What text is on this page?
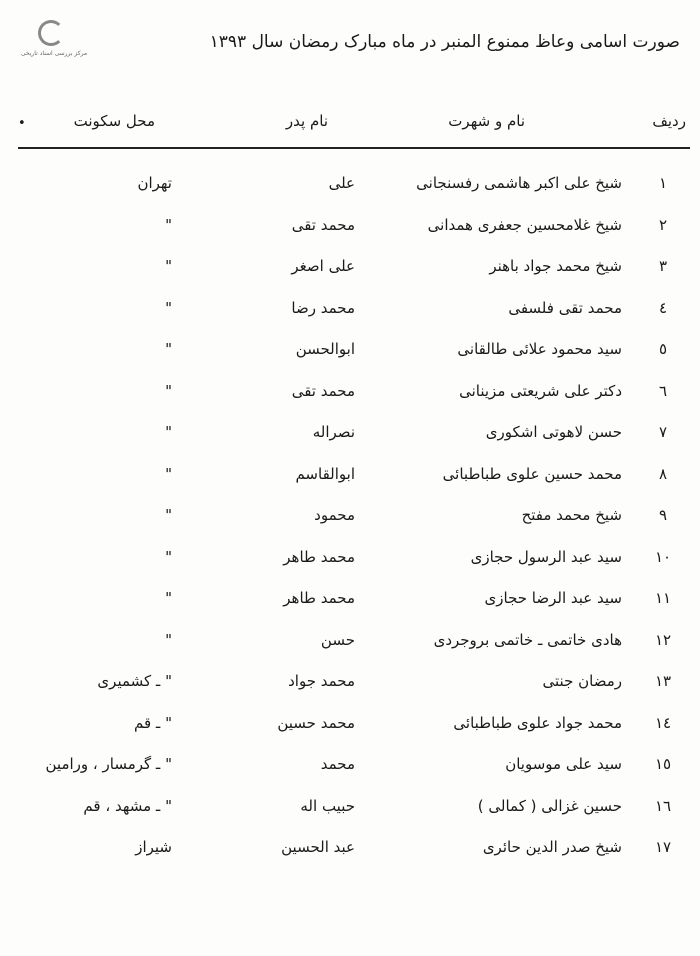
مرکز بررسی اسناد تاریخی
صورت اسامی وعاظ ممنوع المنبر در ماه مبارک رمضان سال ۱۳۹۳
ردیف
نام و شهرت
نام پدر
محل سکونت
•
۱
شیخ علی اکبر هاشمی رفسنجانی
علی
تهران
۲
شیخ غلامحسین جعفری همدانی
محمد تقی
"
۳
شیخ محمد جواد باهنر
علی اصغر
"
٤
محمد تقی فلسفی
محمد رضا
"
٥
سید محمود علائی طالقانی
ابوالحسن
"
٦
دکتر علی شریعتی مزینانی
محمد تقی
"
٧
حسن لاهوتی اشکوری
نصراله
"
٨
محمد حسین علوی طباطبائی
ابوالقاسم
"
٩
شیخ محمد مفتح
محمود
"
۱۰
سید عبد الرسول حجازی
محمد طاهر
"
۱۱
سید عبد الرضا حجازی
محمد طاهر
"
۱۲
هادی خاتمی ـ خاتمی بروجردی
حسن
"
۱۳
رمضان جنتی
محمد جواد
" ـ کشمیری
۱٤
محمد جواد علوی طباطبائی
محمد حسین
" ـ قم
۱٥
سید علی موسویان
محمد
" ـ گرمسار ، ورامین
۱٦
حسین غزالی ( کمالی )
حبیب اله
" ـ مشهد ، قم
۱٧
شیخ صدر الدین حائری
عبد الحسین
شیراز
